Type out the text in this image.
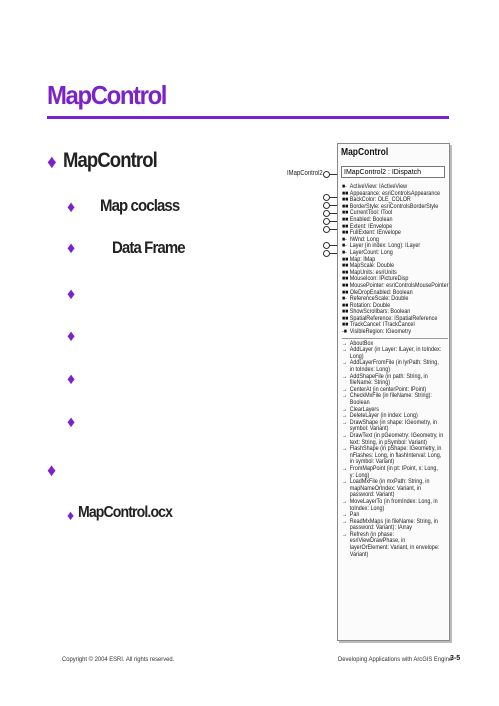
MapControl
♦ MapControl
♦ Map coclass
♦ Data Frame
♦
♦
♦
♦
♦
♦ MapControl.ocx
IMapControl2
MapControl
IMapControl2 : IDispatch
■- ActiveView: IActiveView
■■ Appearance: esriControlsAppearance
■■ BackColor: OLE_COLOR
■■ BorderStyle: esriControlsBorderStyle
■■ CurrentTool: ITool
■■ Enabled: Boolean
■■ Extent: IEnvelope
■■ FullExtent: IEnvelope
■- hWnd: Long
■- Layer (in index: Long): ILayer
■- LayerCount: Long
■■ Map: IMap
■■ MapScale: Double
■■ MapUnits: esriUnits
■■ MouseIcon: IPictureDisp
■■ MousePointer: esriControlsMousePointer
■■ OleDropEnabled: Boolean
■- ReferenceScale: Double
■■ Rotation: Double
■■ ShowScrollbars: Boolean
■■ SpatialReference: ISpatialReference
■■ TrackCancel: ITrackCancel
-■ VisibleRegion: IGeometry
→ AboutBox
→ AddLayer (in Layer: ILayer, in toIndex: Long)
→ AddLayerFromFile (in lyrPath: String, in toIndex: Long)
→ AddShapeFile (in path: String, in fileName: String)
→ CenterAt (in centerPoint: IPoint)
→ CheckMxFile (in fileName: String): Boolean
→ ClearLayers
→ DeleteLayer (in index: Long)
→ DrawShape (in shape: IGeometry, in symbol: Variant)
→ DrawText (in pGeometry: IGeometry, in text: String, in pSymbol: Variant)
→ FlashShape (in pShape: IGeometry, in nFlashes: Long, in flashInterval: Long, in symbol: Variant)
→ FromMapPoint (in pt: IPoint, x: Long, y: Long)
→ LoadMxFile (in mxPath: String, in mapNameOrIndex: Variant, in password: Variant)
→ MoveLayerTo (in fromIndex: Long, in toIndex: Long)
→ Pan
→ ReadMxMaps (in fileName: String, in password: Variant): IArray
→ Refresh (in phase: esriViewDrawPhase, in layerOrElement: Variant, in envelope: Variant)
Copyright © 2004 ESRI. All rights reserved.	Developing Applications with ArcGIS Engine
3-5
